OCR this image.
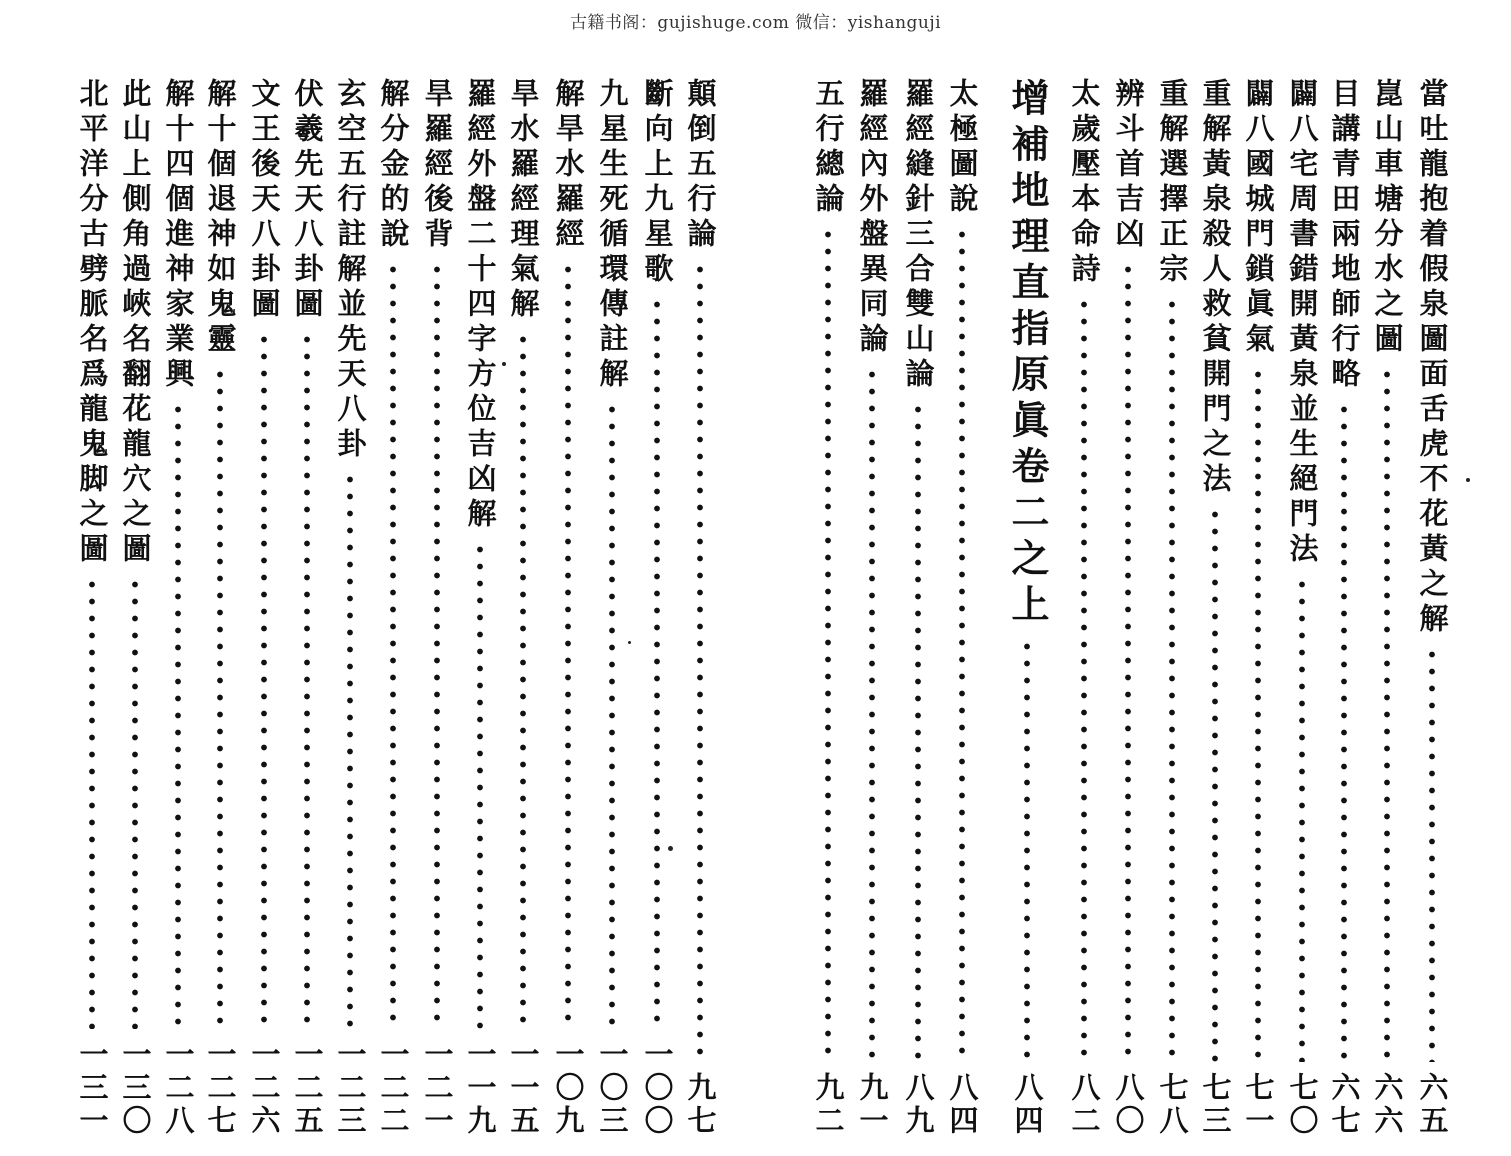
古籍书阁：gujishuge.com 微信：yishanguji
當吐龍抱着假泉圖面舌虎不花黃之解
六五
崑山車塘分水之圖
六六
目講青田兩地師行略
六七
闢八宅周書錯開黃泉並生絕門法
七〇
闢八國城門鎖眞氣
七一
重解黃泉殺人救貧開門之法
七三
重解選擇正宗
七八
辨斗首吉凶
八〇
太歲壓本命詩
八二
增補地理直指原眞卷二之上
八四
太極圖說
八四
羅經縫針三合雙山論
八九
羅經內外盤異同論
九一
五行總論
九二
顛倒五行論
九七
斷向上九星歌
一〇〇
九星生死循環傳註解
一〇三
解旱水羅經
一〇九
旱水羅經理氣解
一一五
羅經外盤二十四字方位吉凶解
一一九
旱羅經後背
一二一
解分金的說
一二二
玄空五行註解並先天八卦
一二三
伏羲先天八卦圖
一二五
文王後天八卦圖
一二六
解十個退神如鬼靈
一二七
解十四個進神家業興
一二八
此山上側角過峽名翻花龍穴之圖
一三〇
北平洋分古劈脈名爲龍鬼脚之圖
一三一
